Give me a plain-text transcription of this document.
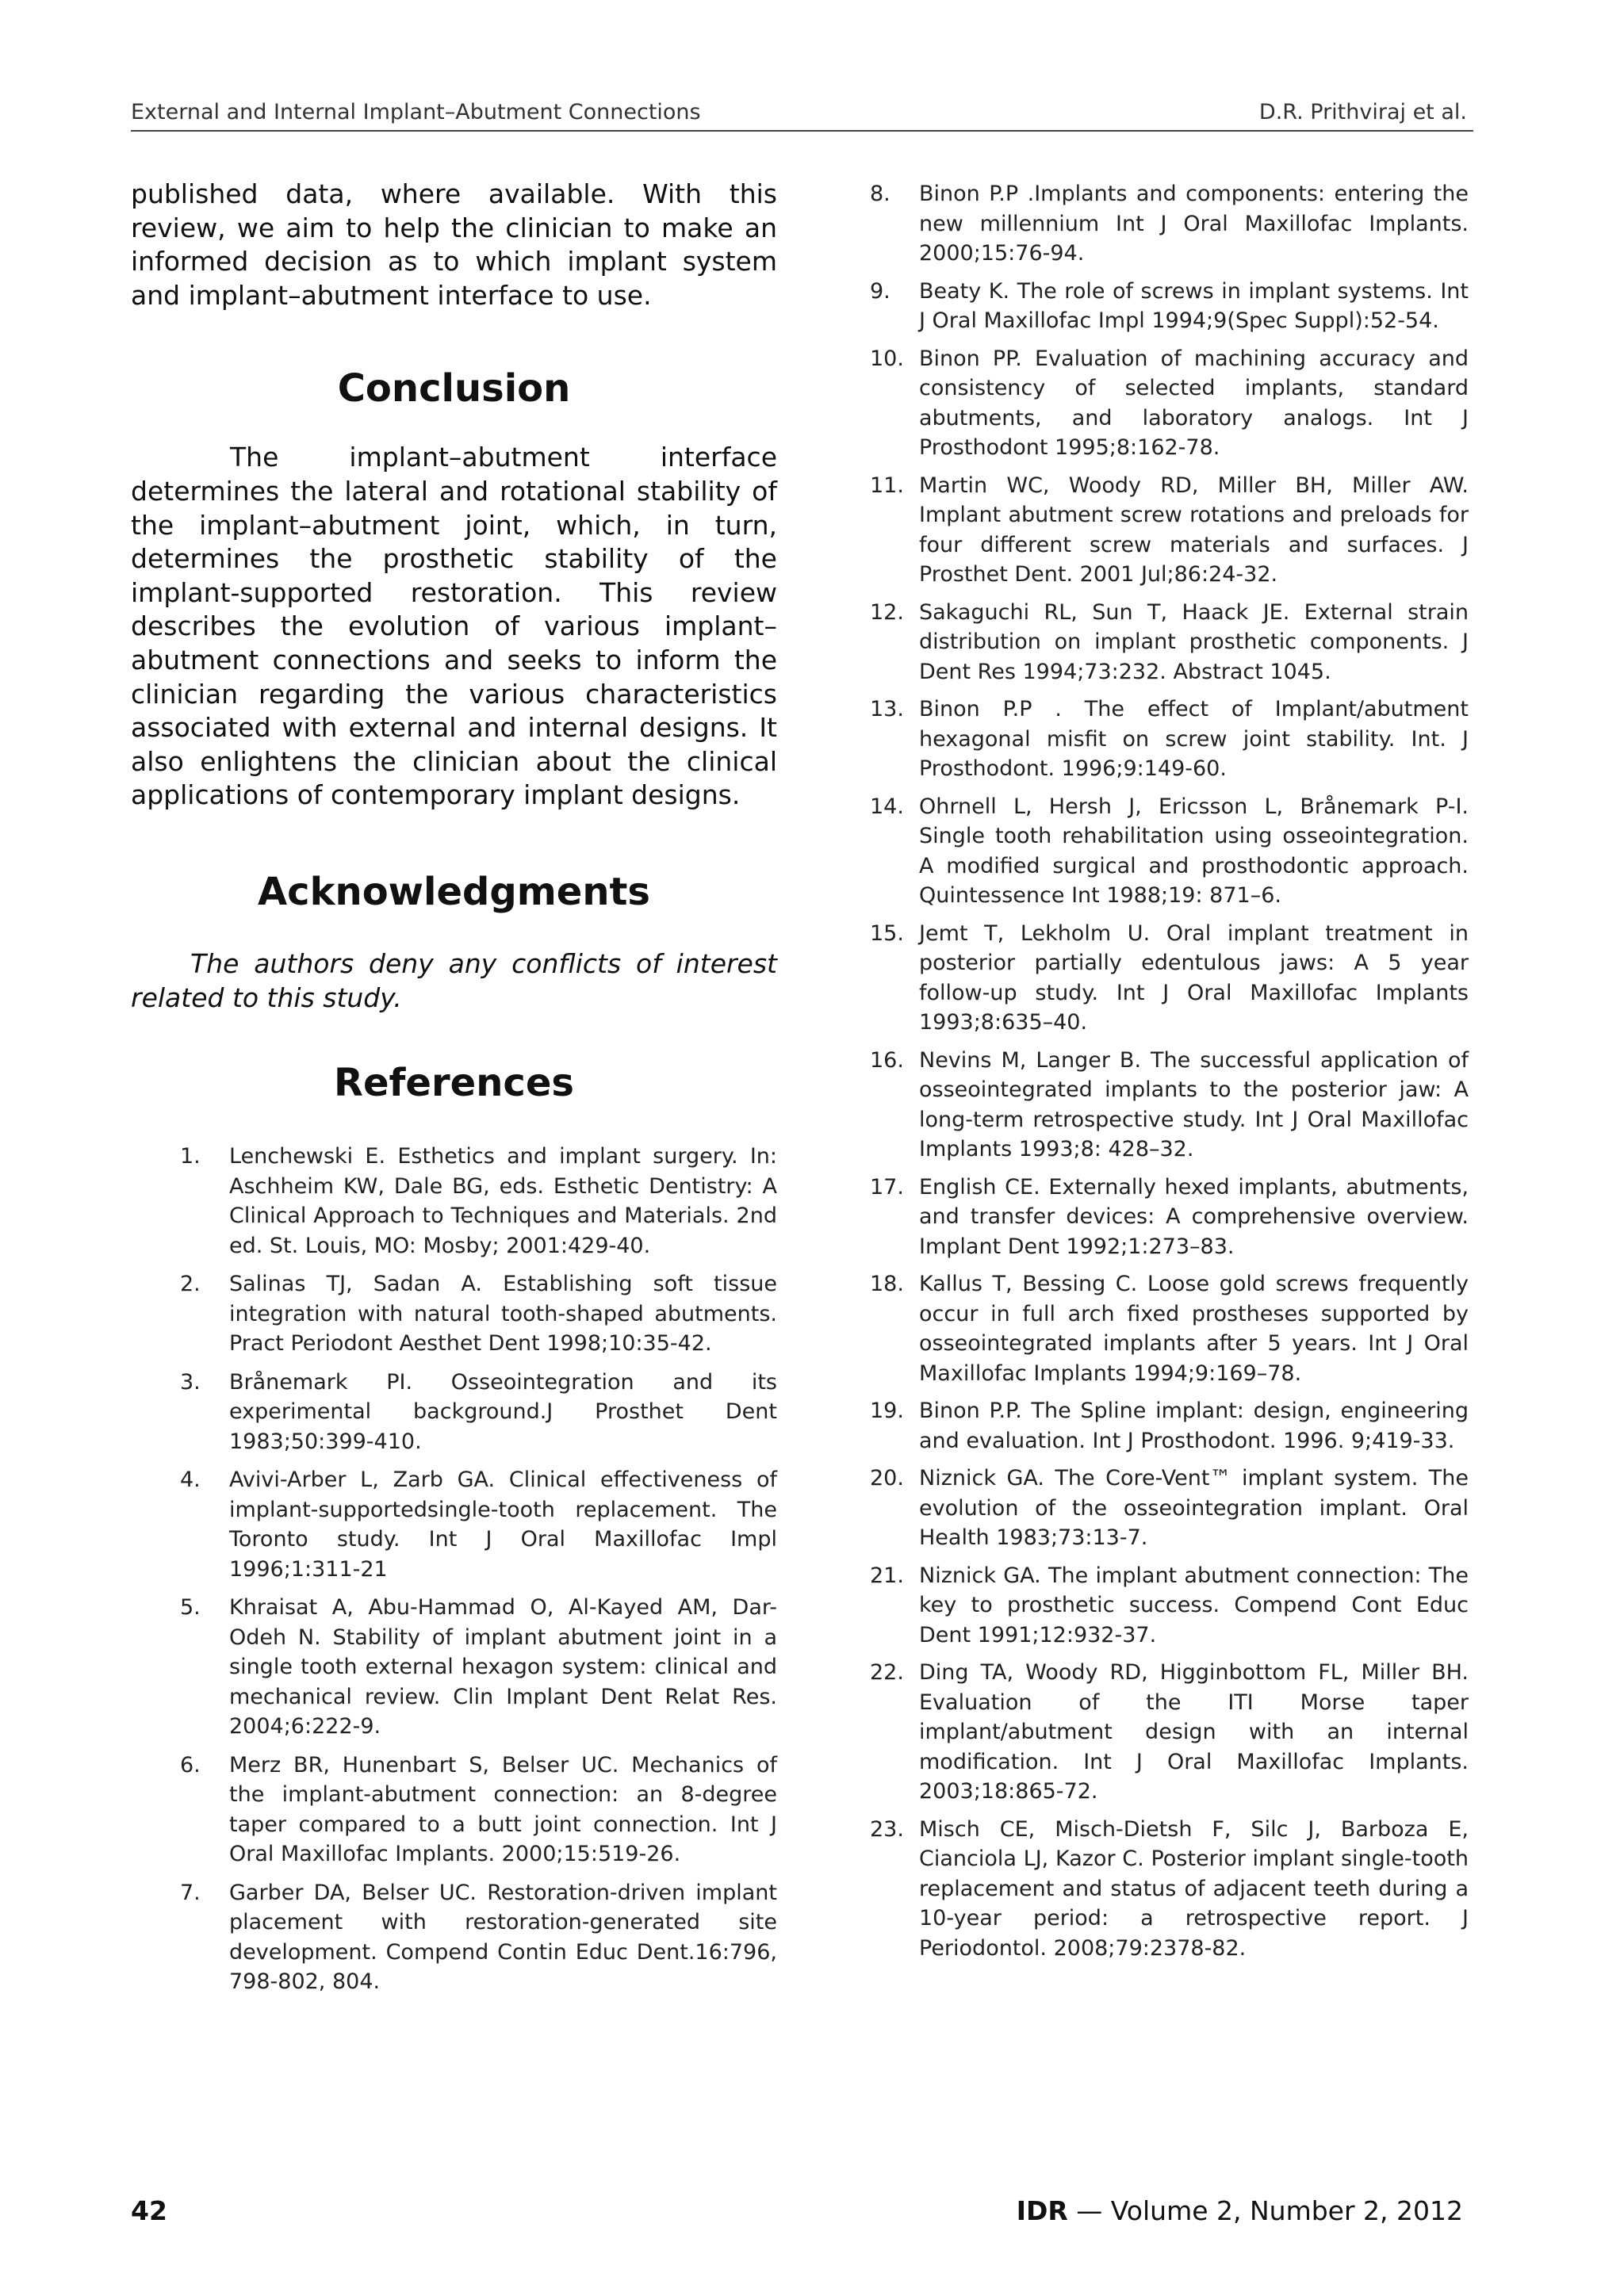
External and Internal Implant–Abutment Connections	D.R. Prithviraj et al.

published data, where available. With this review, we aim to help the clinician to make an informed decision as to which implant system and implant–abutment interface to use.

Conclusion

The implant–abutment interface determines the lateral and rotational stability of the implant–abutment joint, which, in turn, determines the prosthetic stability of the implant-supported restoration. This review describes the evolution of various implant–abutment connections and seeks to inform the clinician regarding the various characteristics associated with external and internal designs. It also enlightens the clinician about the clinical applications of contemporary implant designs.

Acknowledgments

The authors deny any conflicts of interest related to this study.

References
1. Lenchewski E. Esthetics and implant surgery. In: Aschheim KW, Dale BG, eds. Esthetic Dentistry: A Clinical Approach to Techniques and Materials. 2nd ed. St. Louis, MO: Mosby; 2001:429-40.
2. Salinas TJ, Sadan A. Establishing soft tissue integration with natural tooth-shaped abutments. Pract Periodont Aesthet Dent 1998;10:35-42.
3. Brånemark PI. Osseointegration and its experimental background.J Prosthet Dent 1983;50:399-410.
4. Avivi-Arber L, Zarb GA. Clinical effectiveness of implant-supportedsingle-tooth replacement. The Toronto study. Int J Oral Maxillofac Impl 1996;1:311-21
5. Khraisat A, Abu-Hammad O, Al-Kayed AM, Dar-Odeh N. Stability of implant abutment joint in a single tooth external hexagon system: clinical and mechanical review. Clin Implant Dent Relat Res. 2004;6:222-9.
6. Merz BR, Hunenbart S, Belser UC. Mechanics of the implant-abutment connection: an 8-degree taper compared to a butt joint connection. Int J Oral Maxillofac Implants. 2000;15:519-26.
7. Garber DA, Belser UC. Restoration-driven implant placement with restoration-generated site development. Compend Contin Educ Dent.16:796, 798-802, 804.
8. Binon P.P .Implants and components: entering the new millennium Int J Oral Maxillofac Implants. 2000;15:76-94.
9. Beaty K. The role of screws in implant systems. Int J Oral Maxillofac Impl 1994;9(Spec Suppl):52-54.
10. Binon PP. Evaluation of machining accuracy and consistency of selected implants, standard abutments, and laboratory analogs. Int J Prosthodont 1995;8:162-78.
11. Martin WC, Woody RD, Miller BH, Miller AW. Implant abutment screw rotations and preloads for four different screw materials and surfaces. J Prosthet Dent. 2001 Jul;86:24-32.
12. Sakaguchi RL, Sun T, Haack JE. External strain distribution on implant prosthetic components. J Dent Res 1994;73:232. Abstract 1045.
13. Binon P.P . The effect of Implant/abutment hexagonal misfit on screw joint stability. Int. J Prosthodont. 1996;9:149-60.
14. Ohrnell L, Hersh J, Ericsson L, Brånemark P-I. Single tooth rehabilitation using osseointegration. A modified surgical and prosthodontic approach. Quintessence Int 1988;19: 871–6.
15. Jemt T, Lekholm U. Oral implant treatment in posterior partially edentulous jaws: A 5 year follow-up study. Int J Oral Maxillofac Implants 1993;8:635–40.
16. Nevins M, Langer B. The successful application of osseointegrated implants to the posterior jaw: A long-term retrospective study. Int J Oral Maxillofac Implants 1993;8: 428–32.
17. English CE. Externally hexed implants, abutments, and transfer devices: A comprehensive overview. Implant Dent 1992;1:273–83.
18. Kallus T, Bessing C. Loose gold screws frequently occur in full arch fixed prostheses supported by osseointegrated implants after 5 years. Int J Oral Maxillofac Implants 1994;9:169–78.
19. Binon P.P. The Spline implant: design, engineering and evaluation. Int J Prosthodont. 1996. 9;419-33.
20. Niznick GA. The Core-Vent™ implant system. The evolution of the osseointegration implant. Oral Health 1983;73:13-7.
21. Niznick GA. The implant abutment connection: The key to prosthetic success. Compend Cont Educ Dent 1991;12:932-37.
22. Ding TA, Woody RD, Higginbottom FL, Miller BH. Evaluation of the ITI Morse taper implant/abutment design with an internal modification. Int J Oral Maxillofac Implants. 2003;18:865-72.
23. Misch CE, Misch-Dietsh F, Silc J, Barboza E, Cianciola LJ, Kazor C. Posterior implant single-tooth replacement and status of adjacent teeth during a 10-year period: a retrospective report. J Periodontol. 2008;79:2378-82.
42	IDR — Volume 2, Number 2, 2012
